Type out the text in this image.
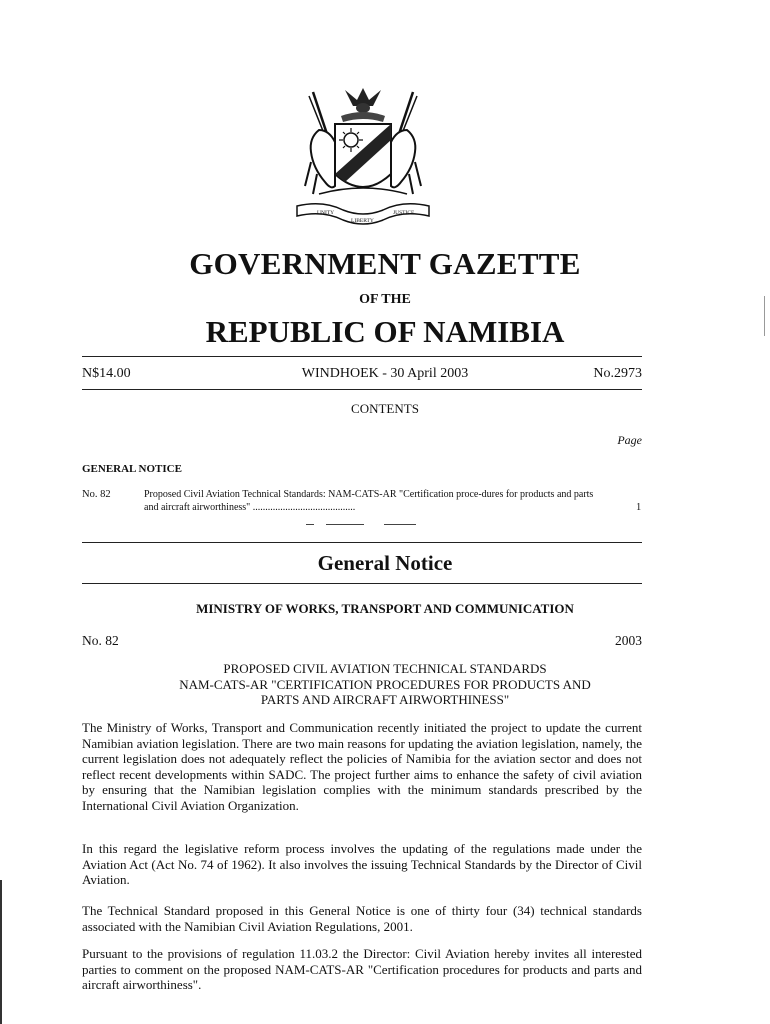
UNITY
LIBERTY
JUSTICE
GOVERNMENT GAZETTE
OF THE
REPUBLIC OF NAMIBIA
N$14.00	WINDHOEK - 30 April 2003	No.2973
CONTENTS
Page
GENERAL NOTICE
No. 82	Proposed Civil Aviation Technical Standards: NAM-CATS-AR "Certification proce-dures for products and parts and aircraft airworthiness" .........................................	1
General Notice
MINISTRY OF WORKS, TRANSPORT AND COMMUNICATION
No. 82	2003
PROPOSED CIVIL AVIATION TECHNICAL STANDARDS
NAM-CATS-AR "CERTIFICATION PROCEDURES FOR PRODUCTS AND
PARTS AND AIRCRAFT AIRWORTHINESS"
The Ministry of Works, Transport and Communication recently initiated the project to update the current Namibian aviation legislation. There are two main reasons for updating the aviation legislation, namely, the current legislation does not adequately reflect the policies of Namibia for the aviation sector and does not reflect recent developments within SADC. The project further aims to enhance the safety of civil aviation by ensuring that the Namibian legislation complies with the minimum standards prescribed by the International Civil Aviation Organization.
In this regard the legislative reform process involves the updating of the regulations made under the Aviation Act (Act No. 74 of 1962). It also involves the issuing Technical Standards by the Director of Civil Aviation.
The Technical Standard proposed in this General Notice is one of thirty four (34) technical standards associated with the Namibian Civil Aviation Regulations, 2001.
Pursuant to the provisions of regulation 11.03.2 the Director: Civil Aviation hereby invites all interested parties to comment on the proposed NAM-CATS-AR "Certification procedures for products and parts and aircraft airworthiness".
